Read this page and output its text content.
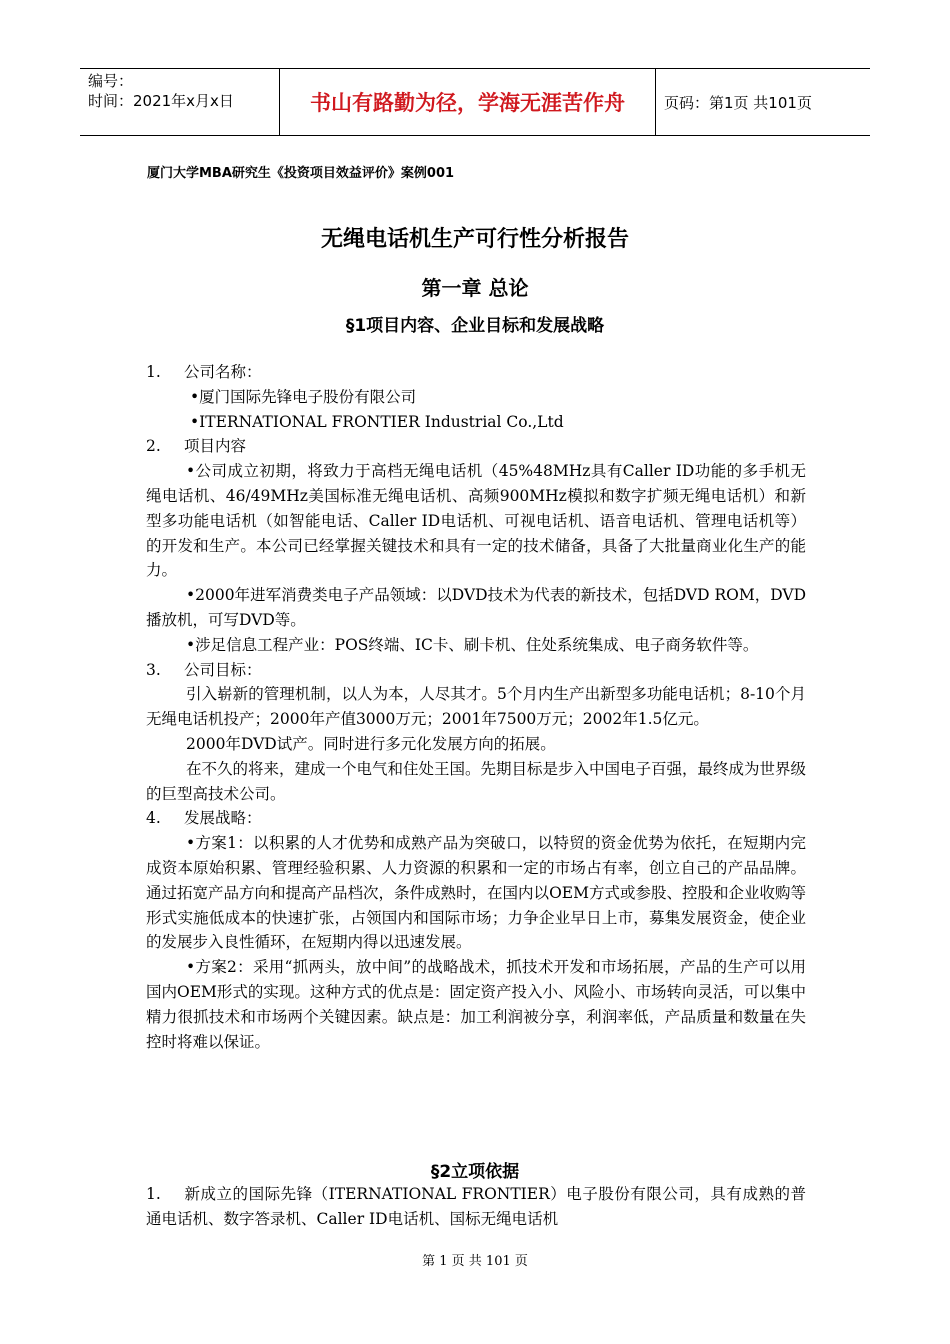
编号：
时间：2021年x月x日	书山有路勤为径，学海无涯苦作舟	页码：第1页 共101页
厦门大学MBA研究生《投资项目效益评价》案例001
无绳电话机生产可行性分析报告
第一章 总论
§1项目内容、企业目标和发展战略

1. 公司名称：

•厦门国际先锋电子股份有限公司

•ITERNATIONAL FRONTIER Industrial Co.,Ltd

2. 项目内容

•公司成立初期，将致力于高档无绳电话机（45%48MHz具有Caller ID功能的多手机无绳电话机、46/49MHz美国标准无绳电话机、高频900MHz模拟和数字扩频无绳电话机）和新型多功能电话机（如智能电话、Caller ID电话机、可视电话机、语音电话机、管理电话机等）的开发和生产。本公司已经掌握关键技术和具有一定的技术储备，具备了大批量商业化生产的能力。

•2000年进军消费类电子产品领域：以DVD技术为代表的新技术，包括DVD ROM，DVD播放机，可写DVD等。

•涉足信息工程产业：POS终端、IC卡、刷卡机、住处系统集成、电子商务软件等。

3. 公司目标：

引入崭新的管理机制，以人为本，人尽其才。5个月内生产出新型多功能电话机；8-10个月无绳电话机投产；2000年产值3000万元；2001年7500万元；2002年1.5亿元。

2000年DVD试产。同时进行多元化发展方向的拓展。

在不久的将来，建成一个电气和住处王国。先期目标是步入中国电子百强，最终成为世界级的巨型高技术公司。

4. 发展战略：

•方案1：以积累的人才优势和成熟产品为突破口，以特贸的资金优势为依托，在短期内完成资本原始积累、管理经验积累、人力资源的积累和一定的市场占有率，创立自己的产品品牌。通过拓宽产品方向和提高产品档次，条件成熟时，在国内以OEM方式或参股、控股和企业收购等形式实施低成本的快速扩张，占领国内和国际市场；力争企业早日上市，募集发展资金，使企业的发展步入良性循环，在短期内得以迅速发展。

•方案2：采用“抓两头，放中间”的战略战术，抓技术开发和市场拓展，产品的生产可以用国内OEM形式的实现。这种方式的优点是：固定资产投入小、风险小、市场转向灵活，可以集中精力很抓技术和市场两个关键因素。缺点是：加工利润被分享，利润率低，产品质量和数量在失控时将难以保证。

§2立项依据

1. 新成立的国际先锋（ITERNATIONAL FRONTIER）电子股份有限公司，具有成熟的普通电话机、数字答录机、Caller ID电话机、国标无绳电话机

第 1 页 共 101 页
